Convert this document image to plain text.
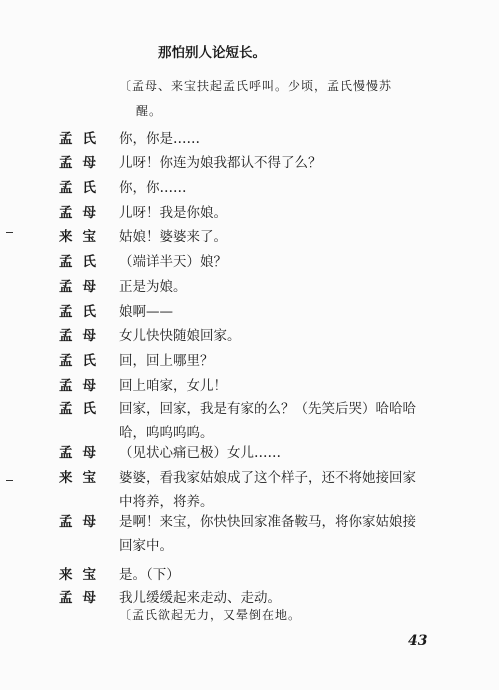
那怕别人论短长。
〔孟母、来宝扶起孟氏呼叫。少顷，孟氏慢慢苏
醒。
孟氏 你，你是……
孟母 儿呀！你连为娘我都认不得了么？
孟氏 你，你……
孟母 儿呀！我是你娘。
来宝 姑娘！婆婆来了。
孟氏 （端详半天）娘？
孟母 正是为娘。
孟氏 娘啊——
孟母 女儿快快随娘回家。
孟氏 回，回上哪里？
孟母 回上咱家，女儿！
孟氏 回家，回家，我是有家的么？（先笑后哭）哈哈哈
哈，呜呜呜呜。
孟母 （见状心痛已极）女儿……
来宝 婆婆，看我家姑娘成了这个样子，还不将她接回家
中将养，将养。
孟母 是啊！来宝，你快快回家准备鞍马，将你家姑娘接
回家中。
来宝 是。（下）
孟母 我儿缓缓起来走动、走动。
〔孟氏欲起无力，又晕倒在地。
43
